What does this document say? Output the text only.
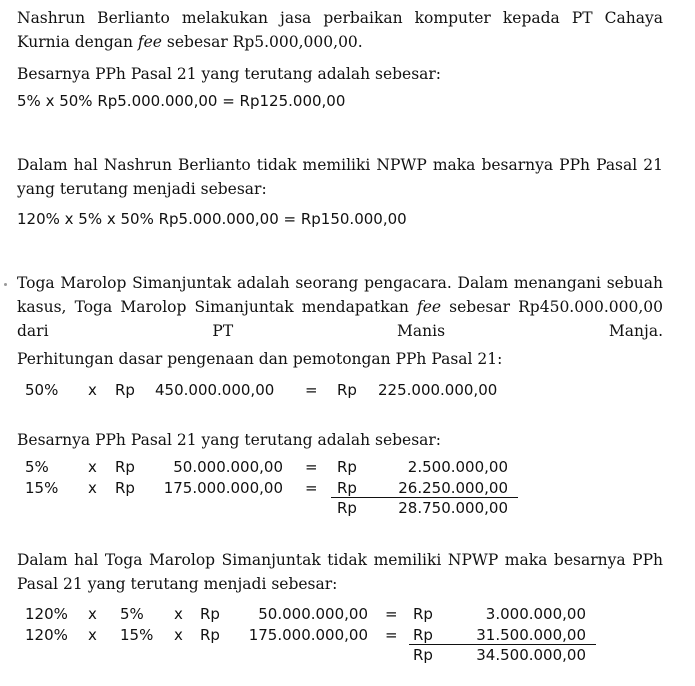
Nashrun Berlianto melakukan jasa perbaikan komputer kepada PT Cahaya Kurnia dengan fee sebesar Rp5.000,000,00.

Besarnya PPh Pasal 21 yang terutang adalah sebesar:

5% x 50% Rp5.000.000,00 = Rp125.000,00

Dalam hal Nashrun Berlianto tidak memiliki NPWP maka besarnya PPh Pasal 21 yang terutang menjadi sebesar:

120% x 5% x 50% Rp5.000.000,00 = Rp150.000,00

Toga Marolop Simanjuntak adalah seorang pengacara. Dalam menangani sebuah kasus, Toga Marolop Simanjuntak mendapatkan fee sebesar Rp450.000.000,00 dari PT Manis Manja.

Perhitungan dasar pengenaan dan pemotongan PPh Pasal 21:

50% x Rp 450.000.000,00 = Rp 225.000.000,00

Besarnya PPh Pasal 21 yang terutang adalah sebesar:

5%	x Rp	50.000.000,00 = Rp	2.500.000,00
15% x Rp	175.000.000,00 = Rp	26.250.000,00
Rp	28.750.000,00

Dalam hal Toga Marolop Simanjuntak tidak memiliki NPWP maka besarnya PPh Pasal 21 yang terutang menjadi sebesar:

120% x 5% x Rp	50.000.000,00 = Rp	3.000.000,00
120% x 15% x Rp	175.000.000,00 = Rp	31.500.000,00
Rp	34.500.000,00
